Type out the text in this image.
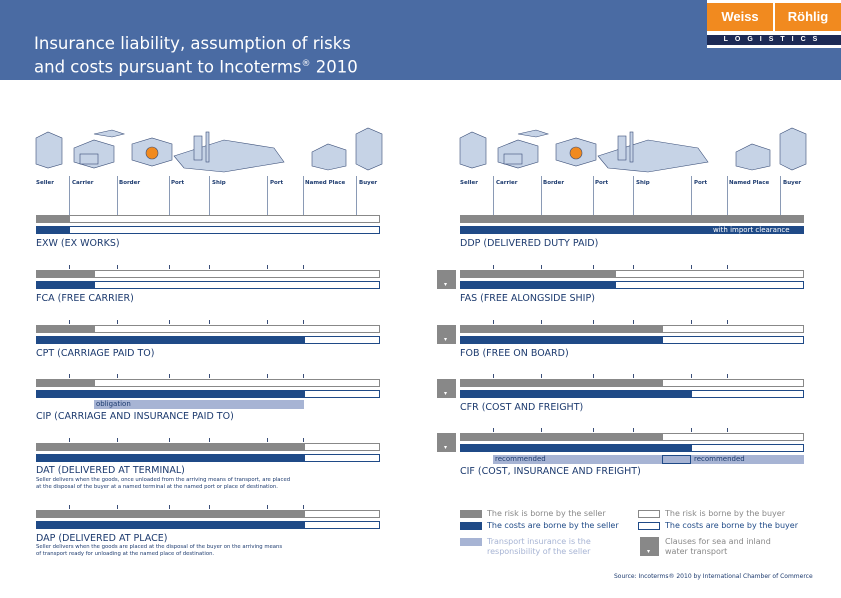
Insurance liability, assumption of risks
and costs pursuant to Incoterms® 2010
Weiss	Röhlig
LOGISTICS
Seller	Carrier	Border	Port	Ship	Port	Named Place	Buyer	Seller	Carrier	Border	Port	Ship	Port	Named Place	Buyer
EXW (EX WORKS)
FCA (FREE CARRIER)
CPT (CARRIAGE PAID TO)
obligation
CIP (CARRIAGE AND INSURANCE PAID TO)
DAT (DELIVERED AT TERMINAL)
Seller delivers when the goods, once unloaded from the arriving means of transport, are placed
at the disposal of the buyer at a named terminal at the named port or place of destination.
DAP (DELIVERED AT PLACE)
Seller delivers when the goods are placed at the disposal of the buyer on the arriving means
of transport ready for unloading at the named place of destination.
with import clearance
DDP (DELIVERED DUTY PAID)
▾
FAS (FREE ALONGSIDE SHIP)
▾
FOB (FREE ON BOARD)
▾
CFR (COST AND FREIGHT)
▾
recommended	recommended
CIF (COST, INSURANCE AND FREIGHT)
The risk is borne by the seller
The costs are borne by the seller
Transport insurance is the
responsibility of the seller
The risk is borne by the buyer
The costs are borne by the buyer
▾
Clauses for sea and inland
water transport
Source: Incoterms® 2010 by International Chamber of Commerce
